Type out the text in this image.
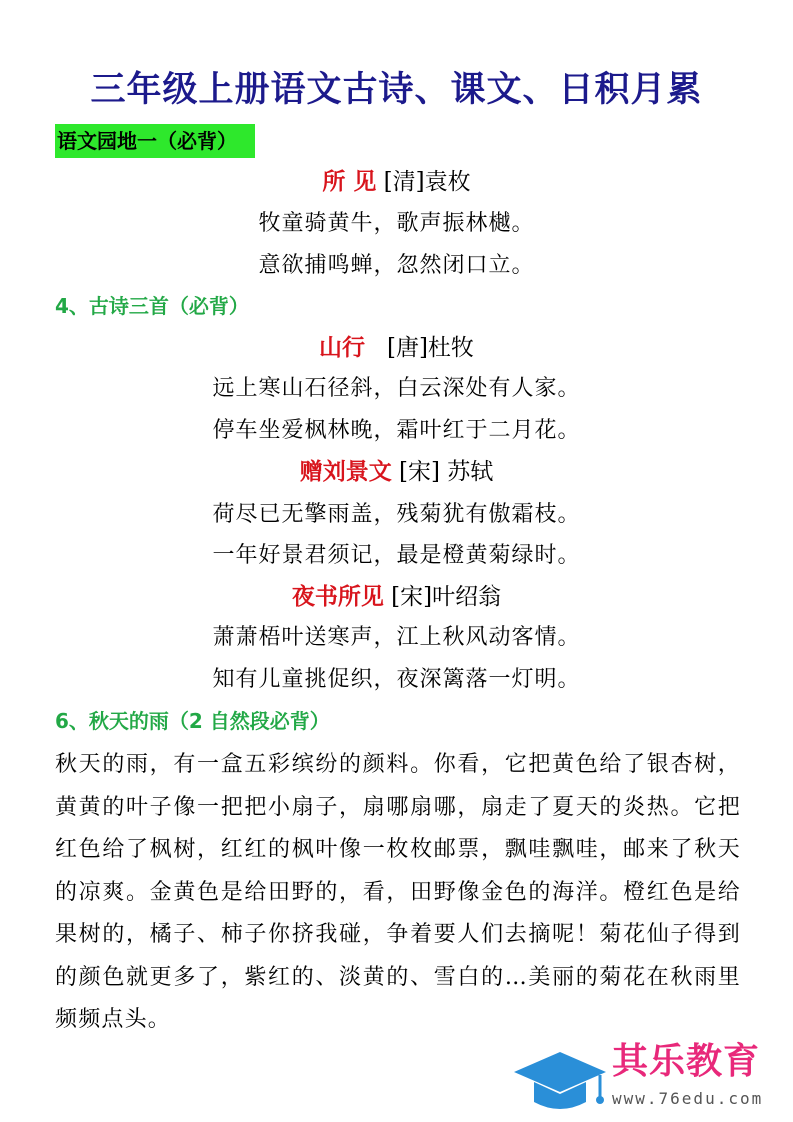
三年级上册语文古诗、课文、日积月累
语文园地一（必背）
所 见 [清]袁枚
牧童骑黄牛，歌声振林樾。
意欲捕鸣蝉，忽然闭口立。
4、古诗三首（必背）
山行   [唐]杜牧
远上寒山石径斜，白云深处有人家。
停车坐爱枫林晚，霜叶红于二月花。
赠刘景文 [宋] 苏轼
荷尽已无擎雨盖，残菊犹有傲霜枝。
一年好景君须记，最是橙黄菊绿时。
夜书所见 [宋]叶绍翁
萧萧梧叶送寒声，江上秋风动客情。
知有儿童挑促织，夜深篱落一灯明。
6、秋天的雨（2 自然段必背）
秋天的雨，有一盒五彩缤纷的颜料。你看，它把黄色给了银杏树，黄黄的叶子像一把把小扇子，扇哪扇哪，扇走了夏天的炎热。它把红色给了枫树，红红的枫叶像一枚枚邮票，飘哇飘哇，邮来了秋天的凉爽。金黄色是给田野的，看，田野像金色的海洋。橙红色是给果树的，橘子、柿子你挤我碰，争着要人们去摘呢！菊花仙子得到的颜色就更多了，紫红的、淡黄的、雪白的…美丽的菊花在秋雨里频频点头。
其乐教育
www.76edu.com
